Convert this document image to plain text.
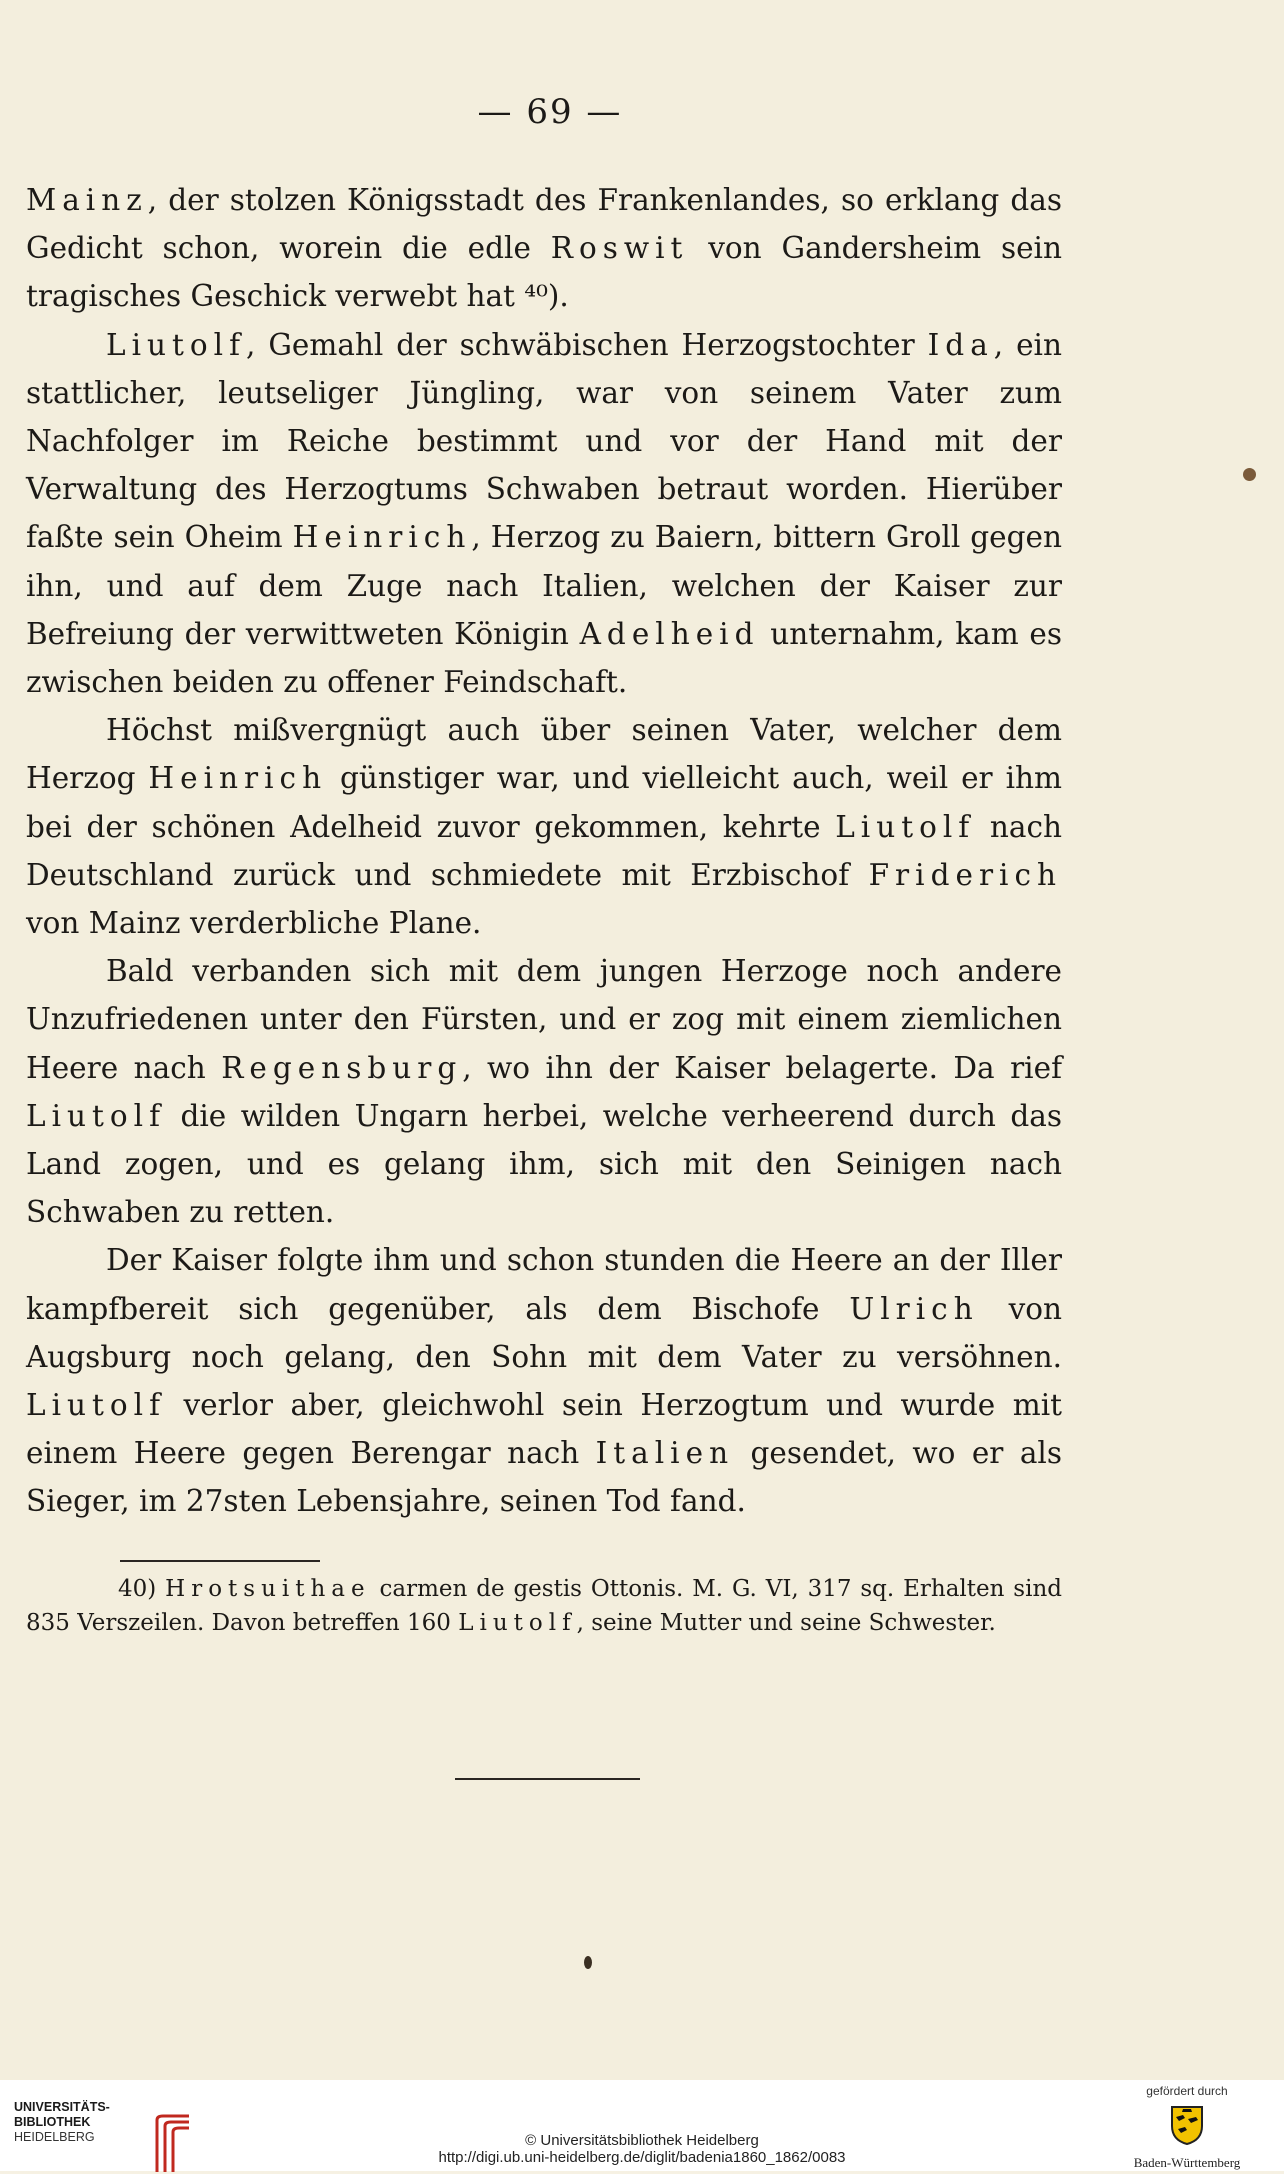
— 69 —

Mainz, der stolzen Königsstadt des Frankenlandes, so erklang das Gedicht schon, worein die edle Roswit von Gandersheim sein tragisches Geschick verwebt hat ⁴⁰).

Liutolf, Gemahl der schwäbischen Herzogstochter Ida, ein stattlicher, leutseliger Jüngling, war von seinem Vater zum Nachfolger im Reiche bestimmt und vor der Hand mit der Verwaltung des Herzogtums Schwaben betraut worden. Hierüber faßte sein Oheim Heinrich, Herzog zu Baiern, bittern Groll gegen ihn, und auf dem Zuge nach Italien, welchen der Kaiser zur Befreiung der verwittweten Königin Adelheid unternahm, kam es zwischen beiden zu offener Feindschaft.

Höchst mißvergnügt auch über seinen Vater, welcher dem Herzog Heinrich günstiger war, und vielleicht auch, weil er ihm bei der schönen Adelheid zuvor gekommen, kehrte Liutolf nach Deutschland zurück und schmiedete mit Erzbischof Friderich von Mainz verderbliche Plane.

Bald verbanden sich mit dem jungen Herzoge noch andere Unzufriedenen unter den Fürsten, und er zog mit einem ziemlichen Heere nach Regensburg, wo ihn der Kaiser belagerte. Da rief Liutolf die wilden Ungarn herbei, welche verheerend durch das Land zogen, und es gelang ihm, sich mit den Seinigen nach Schwaben zu retten.

Der Kaiser folgte ihm und schon stunden die Heere an der Iller kampfbereit sich gegenüber, als dem Bischofe Ulrich von Augsburg noch gelang, den Sohn mit dem Vater zu versöhnen. Liutolf verlor aber, gleichwohl sein Herzogtum und wurde mit einem Heere gegen Berengar nach Italien gesendet, wo er als Sieger, im 27sten Lebensjahre, seinen Tod fand.

40) Hrotsuithae carmen de gestis Ottonis. M. G. VI, 317 sq. Erhalten sind 835 Verszeilen. Davon betreffen 160 Liutolf, seine Mutter und seine Schwester.
UNIVERSITÄTS-
BIBLIOTHEK
HEIDELBERG	© Universitätsbibliothek Heidelberg
http://digi.ub.uni-heidelberg.de/diglit/badenia1860_1862/0083
gefördert durch
Baden-Württemberg
